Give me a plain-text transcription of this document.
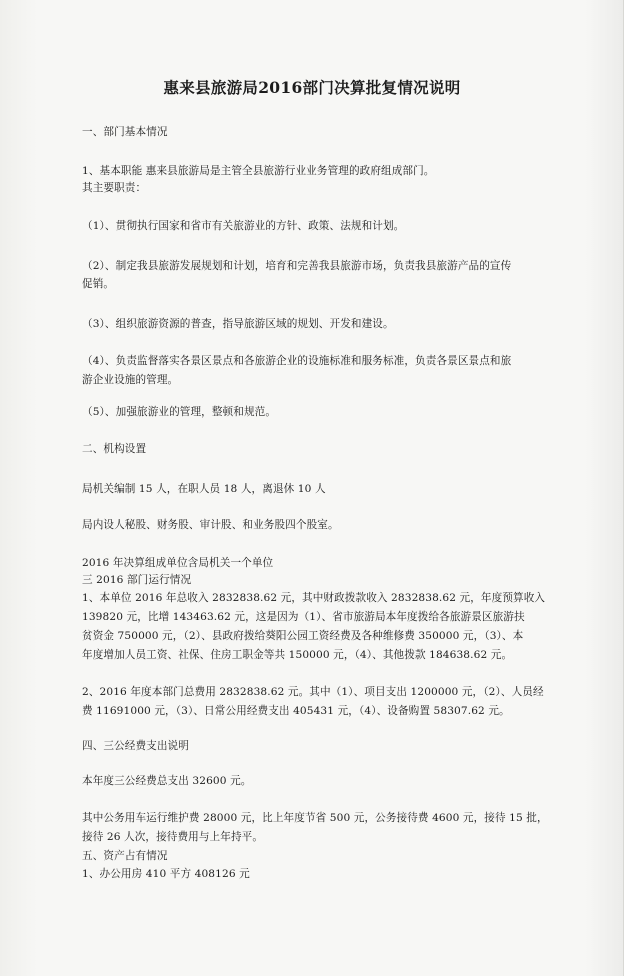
惠来县旅游局2016部门决算批复情况说明
一、部门基本情况
1、基本职能 惠来县旅游局是主管全县旅游行业业务管理的政府组成部门。
其主要职责：
（1）、贯彻执行国家和省市有关旅游业的方针、政策、法规和计划。
（2）、制定我县旅游发展规划和计划，培育和完善我县旅游市场，负责我县旅游产品的宣传
促销。
（3）、组织旅游资源的普查，指导旅游区域的规划、开发和建设。
（4）、负责监督落实各景区景点和各旅游企业的设施标准和服务标准，负责各景区景点和旅
游企业设施的管理。
（5）、加强旅游业的管理，整顿和规范。
二、机构设置
局机关编制 15 人，在职人员 18 人，离退休 10 人
局内设人秘股、财务股、审计股、和业务股四个股室。
2016 年决算组成单位含局机关一个单位
三 2016 部门运行情况
1、本单位 2016 年总收入 2832838.62 元，其中财政拨款收入 2832838.62 元，年度预算收入
139820 元，比增 143463.62 元，这是因为（1）、省市旅游局本年度拨给各旅游景区旅游扶
贫资金 750000 元，（2）、县政府拨给葵阳公园工资经费及各种维修费 350000 元，（3）、本
年度增加人员工资、社保、住房工职金等共 150000 元，（4）、其他拨款 184638.62 元。
2、2016 年度本部门总费用 2832838.62 元。其中（1）、项目支出 1200000 元，（2）、人员经
费 11691000 元，（3）、日常公用经费支出 405431 元，（4）、设备购置 58307.62 元。
四、三公经费支出说明
本年度三公经费总支出 32600 元。
其中公务用车运行维护费 28000 元，比上年度节省 500 元，公务接待费 4600 元，接待 15 批，
接待 26 人次，接待费用与上年持平。
五、资产占有情况
1、办公用房 410 平方 408126 元
